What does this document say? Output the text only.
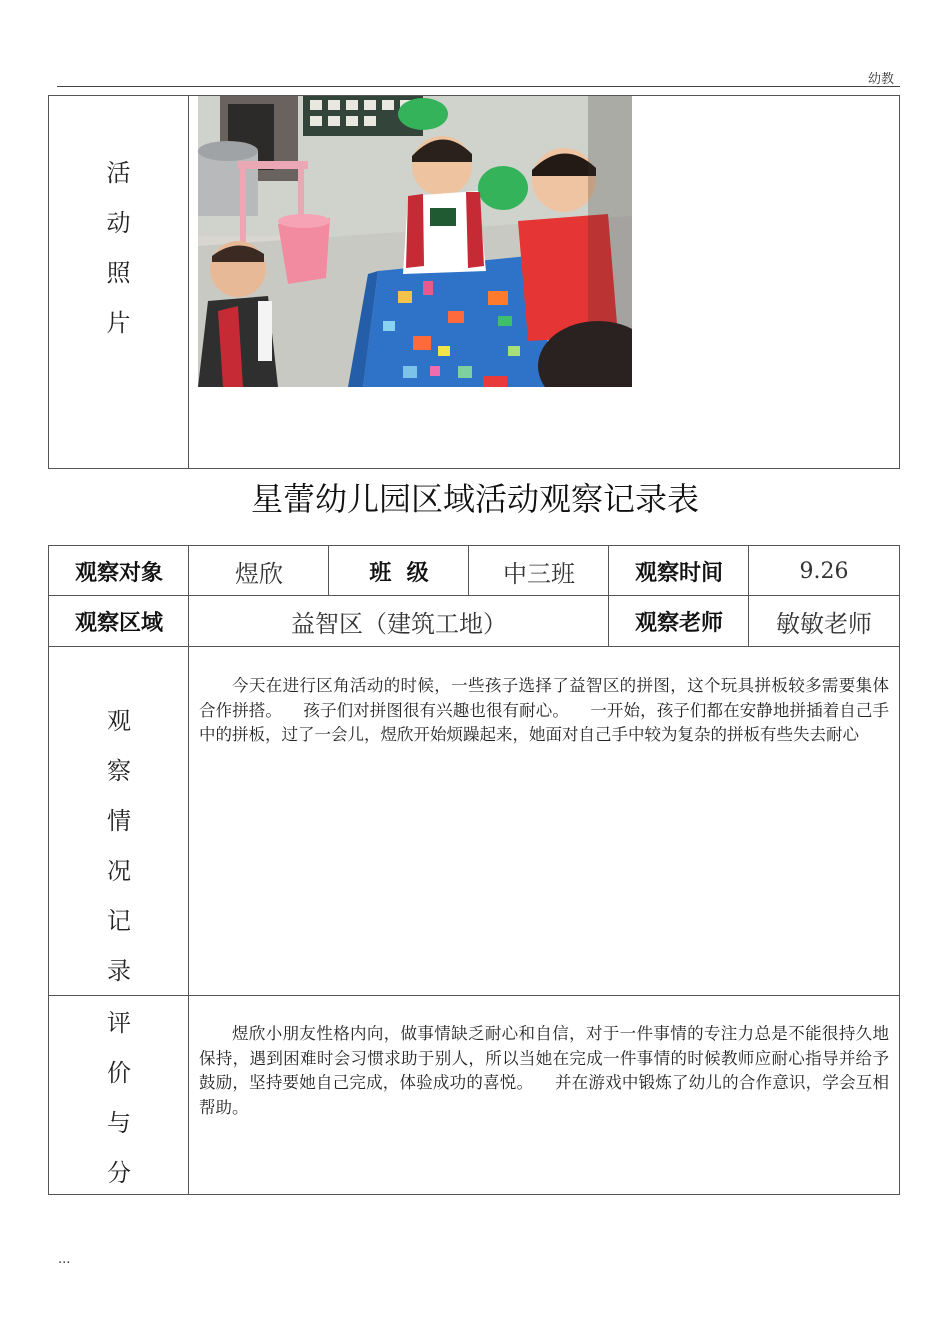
幼教
活
动
照
片
星蕾幼儿园区域活动观察记录表
观察对象	煜欣	班  级	中三班	观察时间	9.26
观察区域	益智区（建筑工地）	观察老师	敏敏老师
观
察
情
况
记
录
今天在进行区角活动的时候，一些孩子选择了益智区的拼图，这个玩具拼板较多需要集体合作拼搭。    孩子们对拼图很有兴趣也很有耐心。    一开始，孩子们都在安静地拼插着自己手中的拼板，过了一会儿，煜欣开始烦躁起来，她面对自己手中较为复杂的拼板有些失去耐心
评
价
与
分
煜欣小朋友性格内向，做事情缺乏耐心和自信，对于一件事情的专注力总是不能很持久地保持，遇到困难时会习惯求助于别人，所以当她在完成一件事情的时候教师应耐心指导并给予鼓励，坚持要她自己完成，体验成功的喜悦。    并在游戏中锻炼了幼儿的合作意识，学会互相帮助。
...
